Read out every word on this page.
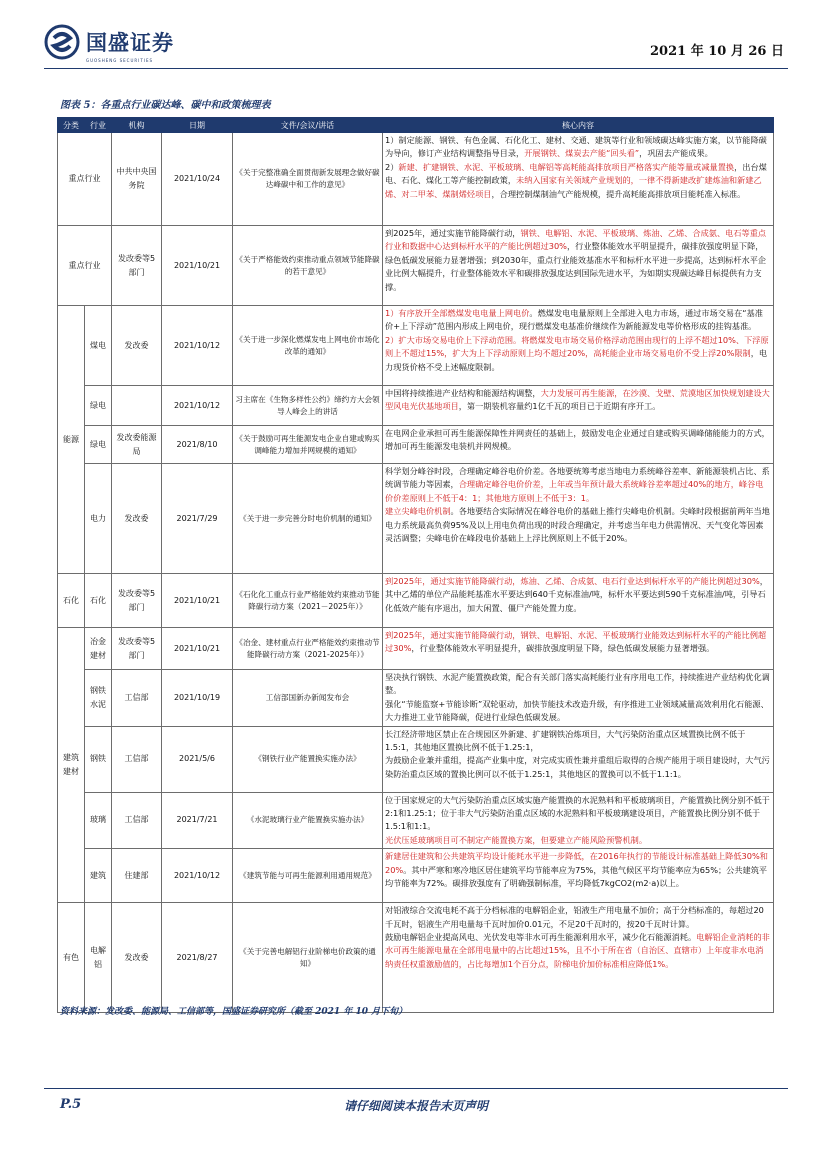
国盛证券
GUOSHENG SECURITIES
2021 年 10 月 26 日
图表 5：各重点行业碳达峰、碳中和政策梳理表
分类	行业	机构	日期	文件/会议/讲话	核心内容
重点行业		中共中央国务院	2021/10/24	《关于完整准确全面贯彻新发展理念做好碳达峰碳中和工作的意见》	1）制定能源、钢铁、有色金属、石化化工、建材、交通、建筑等行业和领域碳达峰实施方案，以节能降碳为导向，修订产业结构调整指导目录，开展钢铁、煤炭去产能“回头看”，巩固去产能成果。
2）新建、扩建钢铁、水泥、平板玻璃、电解铝等高耗能高排放项目严格落实产能等量或减量置换，出台煤电、石化、煤化工等产能控制政策，未纳入国家有关领域产业规划的，一律不得新建改扩建炼油和新建乙烯、对二甲苯、煤制烯烃项目，合理控制煤制油气产能规模，提升高耗能高排放项目能耗准入标准。
重点行业		发改委等5部门	2021/10/21	《关于严格能效约束推动重点领域节能降碳的若干意见》	到2025年，通过实施节能降碳行动，钢铁、电解铝、水泥、平板玻璃、炼油、乙烯、合成氨、电石等重点行业和数据中心达到标杆水平的产能比例超过30%，行业整体能效水平明显提升，碳排放强度明显下降，绿色低碳发展能力显著增强；到2030年，重点行业能效基准水平和标杆水平进一步提高，达到标杆水平企业比例大幅提升，行业整体能效水平和碳排放强度达到国际先进水平，为如期实现碳达峰目标提供有力支撑。
能源	煤电	发改委	2021/10/12	《关于进一步深化燃煤发电上网电价市场化改革的通知》	1）有序放开全部燃煤发电电量上网电价。燃煤发电电量原则上全部进入电力市场，通过市场交易在“基准价+上下浮动”范围内形成上网电价，现行燃煤发电基准价继续作为新能源发电等价格形成的挂钩基准。
2）扩大市场交易电价上下浮动范围。将燃煤发电市场交易价格浮动范围由现行的上浮不超过10%、下浮原则上不超过15%，扩大为上下浮动原则上均不超过20%，高耗能企业市场交易电价不受上浮20%限制，电力现货价格不受上述幅度限制。
	绿电		2021/10/12	习主席在《生物多样性公约》缔约方大会领导人峰会上的讲话	中国将持续推进产业结构和能源结构调整，大力发展可再生能源，在沙漠、戈壁、荒漠地区加快规划建设大型风电光伏基地项目，第一期装机容量约1亿千瓦的项目已于近期有序开工。
	绿电	发改委能源局	2021/8/10	《关于鼓励可再生能源发电企业自建或购买调峰能力增加并网规模的通知》	在电网企业承担可再生能源保障性并网责任的基础上，鼓励发电企业通过自建或购买调峰储能能力的方式，增加可再生能源发电装机并网规模。
	电力	发改委	2021/7/29	《关于进一步完善分时电价机制的通知》	科学划分峰谷时段，合理确定峰谷电价价差。各地要统筹考虑当地电力系统峰谷差率、新能源装机占比、系统调节能力等因素，合理确定峰谷电价价差，上年或当年预计最大系统峰谷差率超过40%的地方，峰谷电价价差原则上不低于4：1；其他地方原则上不低于3：1。
建立尖峰电价机制。各地要结合实际情况在峰谷电价的基础上推行尖峰电价机制。尖峰时段根据前两年当地电力系统最高负荷95%及以上用电负荷出现的时段合理确定，并考虑当年电力供需情况、天气变化等因素灵活调整；尖峰电价在峰段电价基础上上浮比例原则上不低于20%。
石化	石化	发改委等5部门	2021/10/21	《石化化工重点行业严格能效约束推动节能降碳行动方案（2021－2025年）》	到2025年，通过实施节能降碳行动，炼油、乙烯、合成氨、电石行业达到标杆水平的产能比例超过30%，其中乙烯的单位产品能耗基准水平要达到640千克标准油/吨，标杆水平要达到590千克标准油/吨，引导石化低效产能有序退出，加大闲置、僵尸产能处置力度。
建筑建材	冶金建材	发改委等5部门	2021/10/21	《冶金、建材重点行业严格能效约束推动节能降碳行动方案（2021-2025年）》	到2025年，通过实施节能降碳行动，钢铁、电解铝、水泥、平板玻璃行业能效达到标杆水平的产能比例超过30%，行业整体能效水平明显提升，碳排放强度明显下降，绿色低碳发展能力显著增强。
	钢铁水泥	工信部	2021/10/19	工信部国新办新闻发布会	坚决执行钢铁、水泥产能置换政策，配合有关部门落实高耗能行业有序用电工作，持续推进产业结构优化调整。
强化“节能监察+节能诊断”双轮驱动，加快节能技术改造升级，有序推进工业领域减量高效利用化石能源、大力推进工业节能降碳，促进行业绿色低碳发展。
	钢铁	工信部	2021/5/6	《钢铁行业产能置换实施办法》	长江经济带地区禁止在合规园区外新建、扩建钢铁冶炼项目，大气污染防治重点区域置换比例不低于1.5:1，其他地区置换比例不低于1.25:1，
为鼓励企业兼并重组，提高产业集中度，对完成实质性兼并重组后取得的合规产能用于项目建设时，大气污染防治重点区域的置换比例可以不低于1.25:1，其他地区的置换可以不低于1.1:1。
	玻璃	工信部	2021/7/21	《水泥玻璃行业产能置换实施办法》	位于国家规定的大气污染防治重点区域实施产能置换的水泥熟料和平板玻璃项目，产能置换比例分别不低于2:1和1.25:1；位于非大气污染防治重点区域的水泥熟料和平板玻璃建设项目，产能置换比例分别不低于1.5:1和1:1。
光伏压延玻璃项目可不制定产能置换方案，但要建立产能风险预警机制。
	建筑	住建部	2021/10/12	《建筑节能与可再生能源利用通用规范》	新建居住建筑和公共建筑平均设计能耗水平进一步降低，在2016年执行的节能设计标准基础上降低30%和20%。其中严寒和寒冷地区居住建筑平均节能率应为75%，其他气候区平均节能率应为65%；公共建筑平均节能率为72%。碳排放强度有了明确强制标准，平均降低7kgCO2(m2·a)以上。
有色	电解铝	发改委	2021/8/27	《关于完善电解铝行业阶梯电价政策的通知》	对铝液综合交流电耗不高于分档标准的电解铝企业，铝液生产用电量不加价；高于分档标准的，每超过20千瓦时，铝液生产用电量每千瓦时加价0.01元，不足20千瓦时的，按20千瓦时计算。
鼓励电解铝企业提高风电、光伏发电等非水可再生能源利用水平，减少化石能源消耗。电解铝企业消耗的非水可再生能源电量在全部用电量中的占比超过15%，且不小于所在省（自治区、直辖市）上年度非水电消纳责任权重激励值的，占比每增加1个百分点，阶梯电价加价标准相应降低1%。
资料来源：发改委、能源局、工信部等，国盛证券研究所（截至 2021 年 10 月下旬）
P.5	请仔细阅读本报告末页声明
